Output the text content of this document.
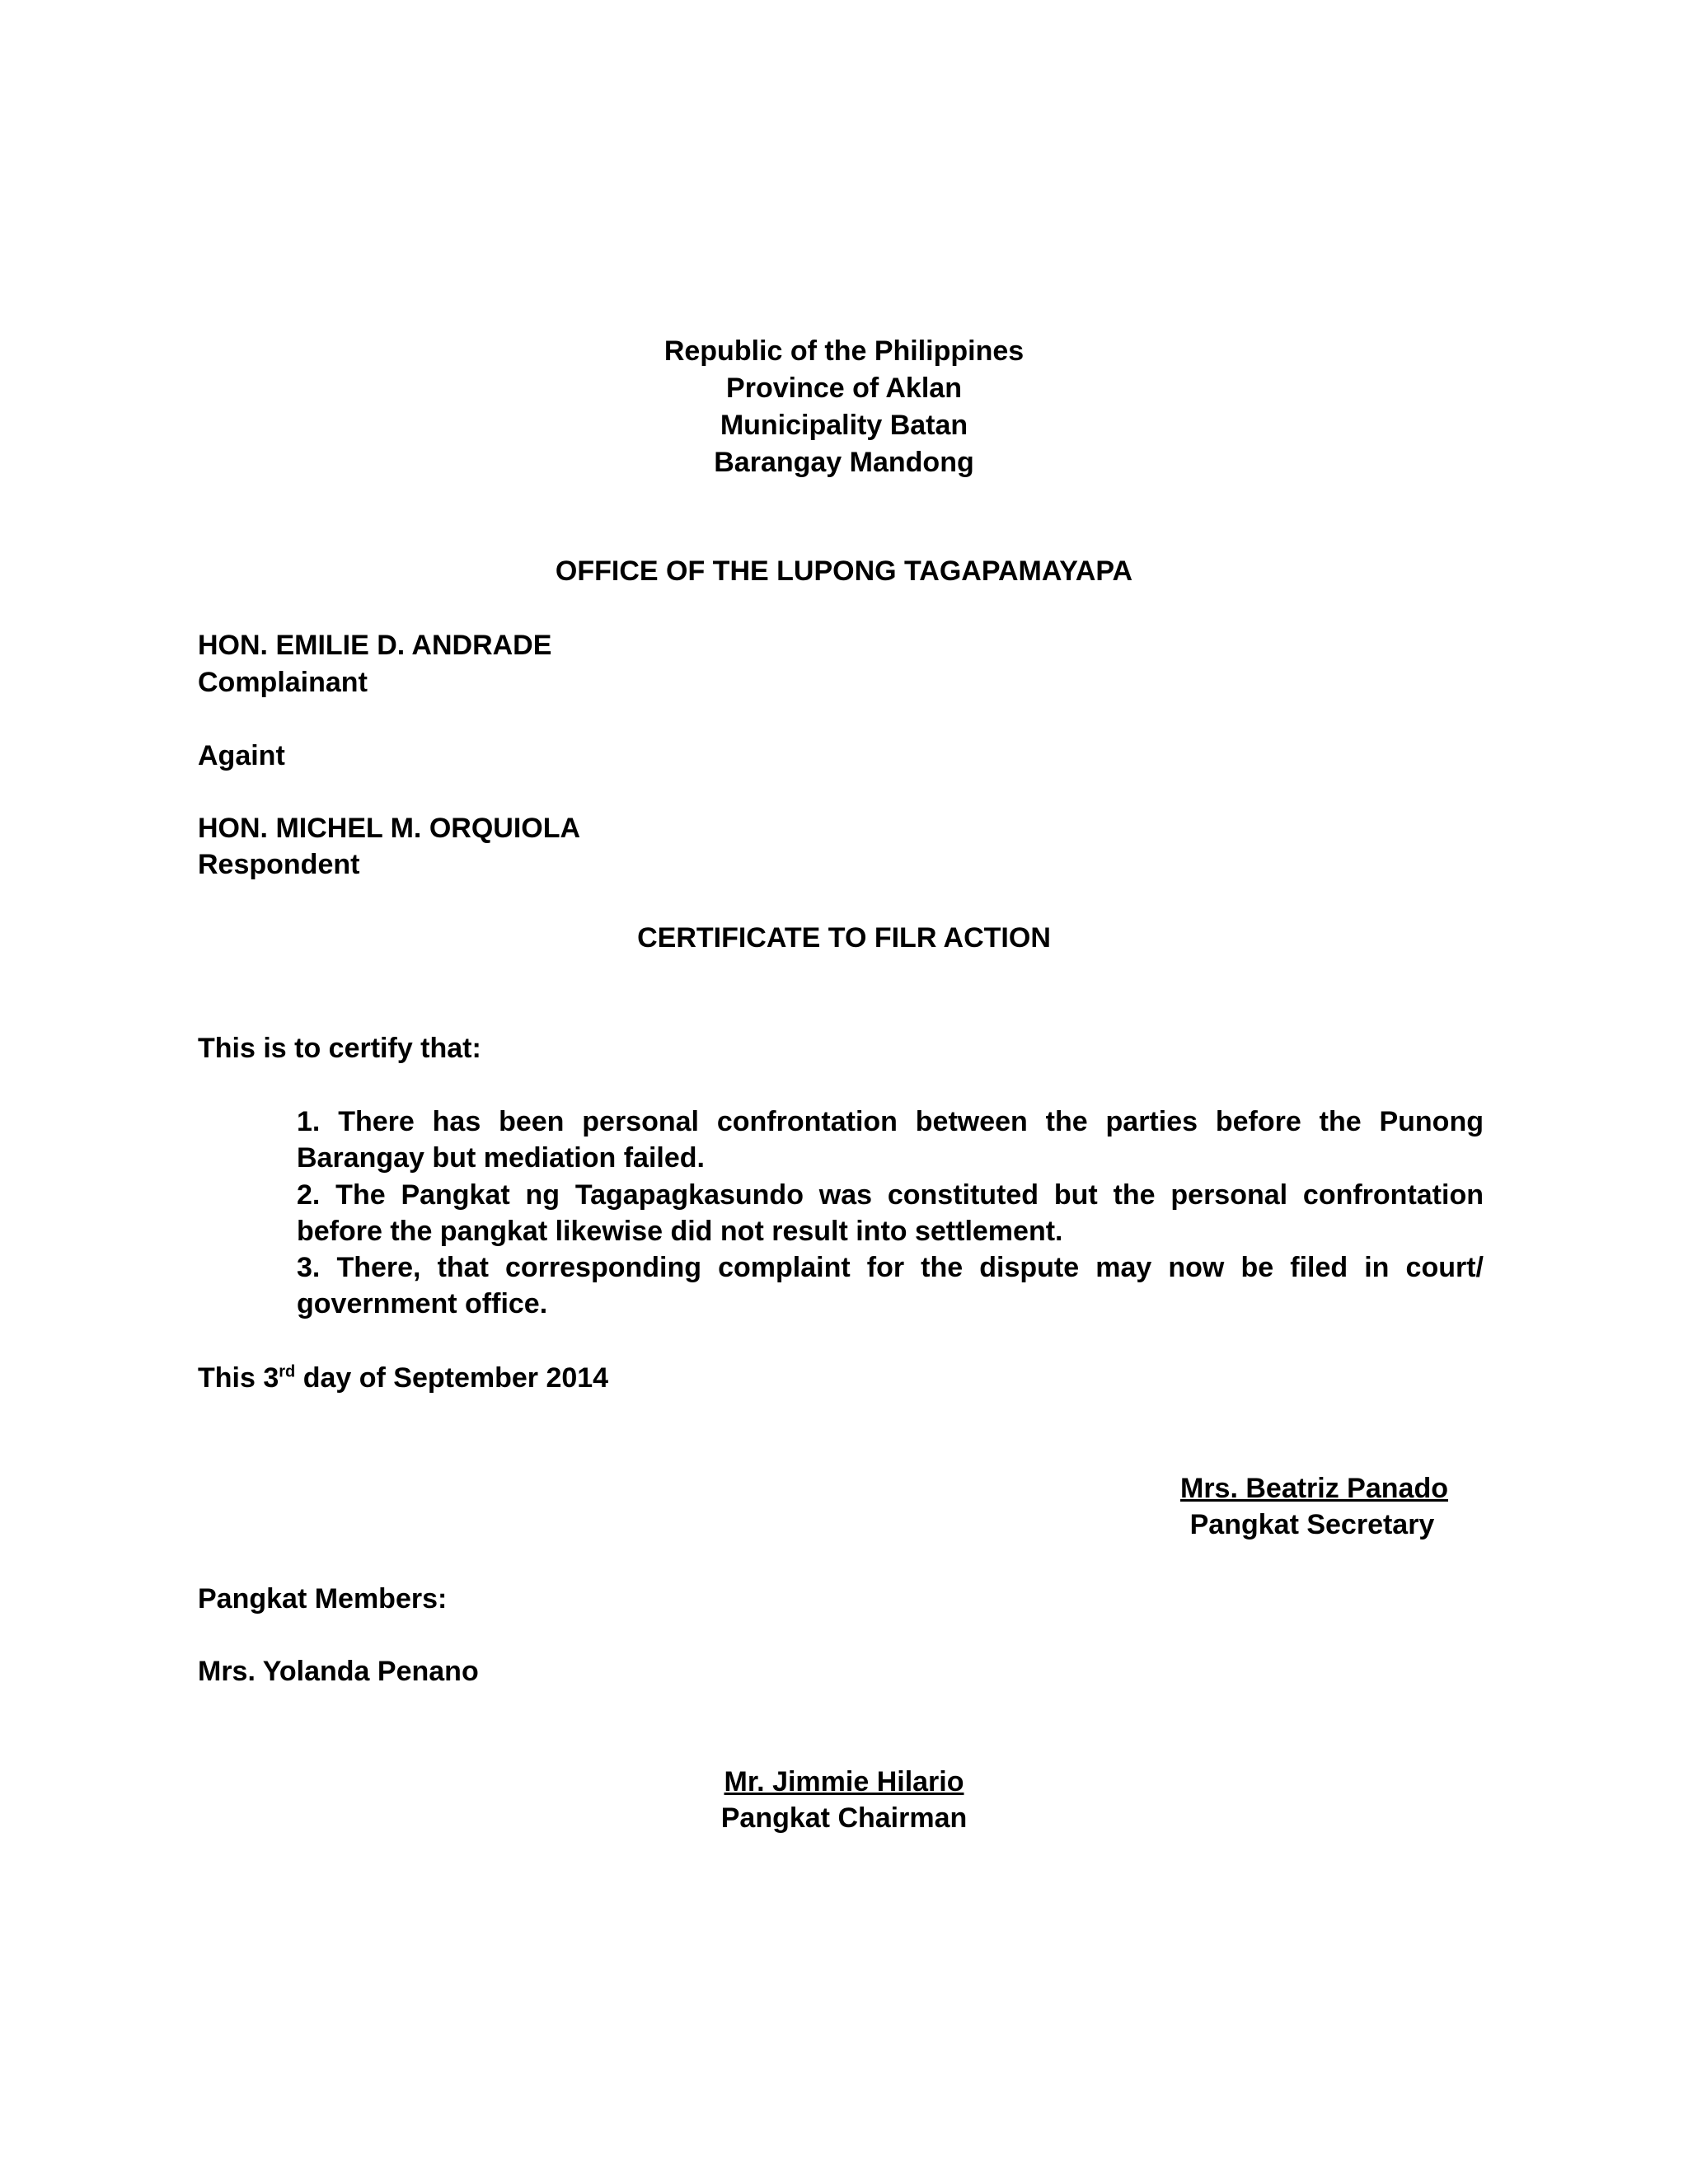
Republic of the Philippines
Province of Aklan
Municipality Batan
Barangay Mandong
OFFICE OF THE LUPONG TAGAPAMAYAPA
HON. EMILIE D. ANDRADE
Complainant
Againt
HON. MICHEL M. ORQUIOLA
Respondent
CERTIFICATE TO FILR ACTION
This is to certify that:
1. There has been personal confrontation between the parties before the Punong Barangay but mediation failed.
2. The Pangkat ng Tagapagkasundo was constituted but the personal confrontation before the pangkat likewise did not result into settlement.
3. There, that corresponding complaint for the dispute may now be filed in court/ government office.
This 3rd day of September 2014
Mrs. Beatriz Panado
Pangkat Secretary
Pangkat Members:
Mrs. Yolanda Penano
Mr. Jimmie Hilario
Pangkat Chairman
